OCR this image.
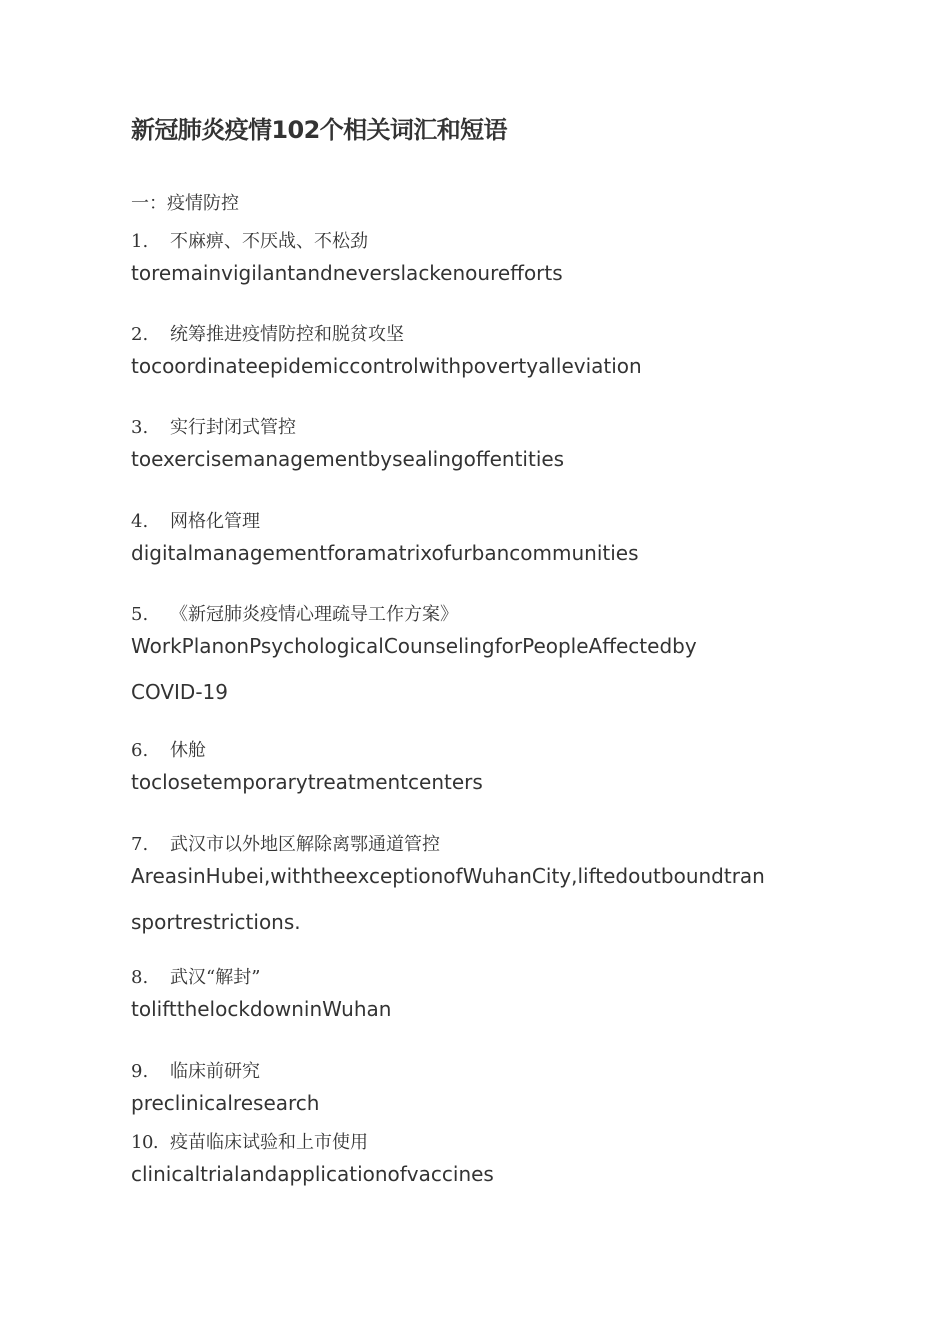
新冠肺炎疫情102个相关词汇和短语
一：疫情防控
1. 不麻痹、不厌战、不松劲
toremainvigilantandneverslackenourefforts
2. 统筹推进疫情防控和脱贫攻坚
tocoordinateepidemiccontrolwithpovertyalleviation
3. 实行封闭式管控
toexercisemanagementbysealingoffentities
4. 网格化管理
digitalmanagementforamatrixofurbancommunities
5. 《新冠肺炎疫情心理疏导工作方案》
WorkPlanonPsychologicalCounselingforPeopleAffectedby
COVID-19
6. 休舱
toclosetemporarytreatmentcenters
7. 武汉市以外地区解除离鄂通道管控
AreasinHubei,withtheexceptionofWuhanCity,liftedoutboundtran
sportrestrictions.
8. 武汉“解封”
toliftthelockdowninWuhan
9. 临床前研究
preclinicalresearch
10. 疫苗临床试验和上市使用
clinicaltrialandapplicationofvaccines
